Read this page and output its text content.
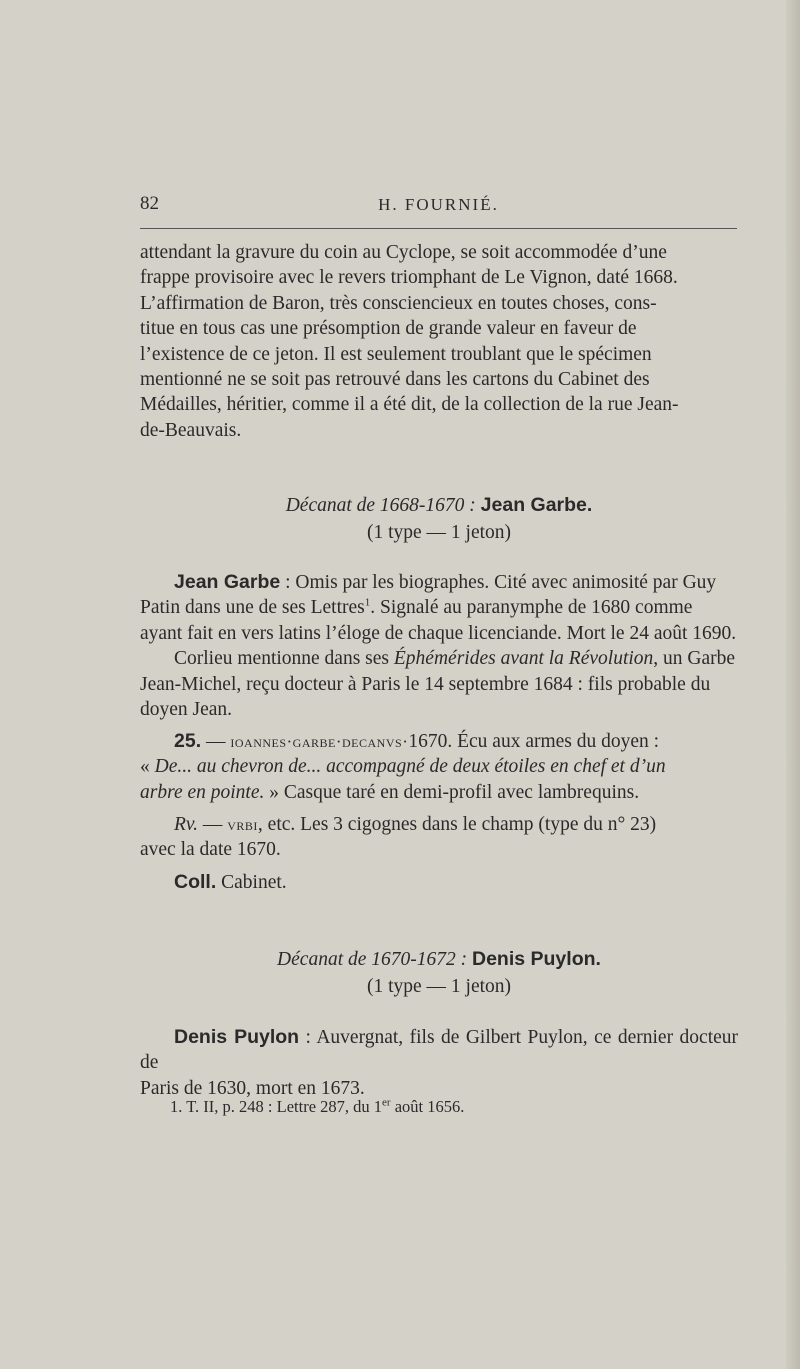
82	H. FOURNIÉ.

attendant la gravure du coin au Cyclope, se soit accommodée d’une

frappe provisoire avec le revers triomphant de Le Vignon, daté 1668.

L’affirmation de Baron, très consciencieux en toutes choses, cons-

titue en tous cas une présomption de grande valeur en faveur de

l’existence de ce jeton. Il est seulement troublant que le spécimen

mentionné ne se soit pas retrouvé dans les cartons du Cabinet des

Médailles, héritier, comme il a été dit, de la collection de la rue Jean-

de-Beauvais.

Décanat de 1668-1670 : Jean Garbe.
(1 type — 1 jeton)

Jean Garbe : Omis par les biographes. Cité avec animosité par Guy

Patin dans une de ses Lettres$^1$. Signalé au paranymphe de 1680 comme

ayant fait en vers latins l’éloge de chaque licenciande. Mort le 24 août 1690.

Corlieu mentionne dans ses Éphémérides avant la Révolution, un Garbe

Jean-Michel, reçu docteur à Paris le 14 septembre 1684 : fils probable du

doyen Jean.

25. — ioannes·garbe·decanvs·1670. Écu aux armes du doyen :

« De... au chevron de... accompagné de deux étoiles en chef et d’un

arbre en pointe. » Casque taré en demi-profil avec lambrequins.

Rv. — vrbi, etc. Les 3 cigognes dans le champ (type du n° 23)

avec la date 1670.

Coll. Cabinet.

Décanat de 1670-1672 : Denis Puylon.
(1 type — 1 jeton)

Denis Puylon : Auvergnat, fils de Gilbert Puylon, ce dernier docteur de

Paris de 1630, mort en 1673.

1. T. II, p. 248 : Lettre 287, du 1er août 1656.
